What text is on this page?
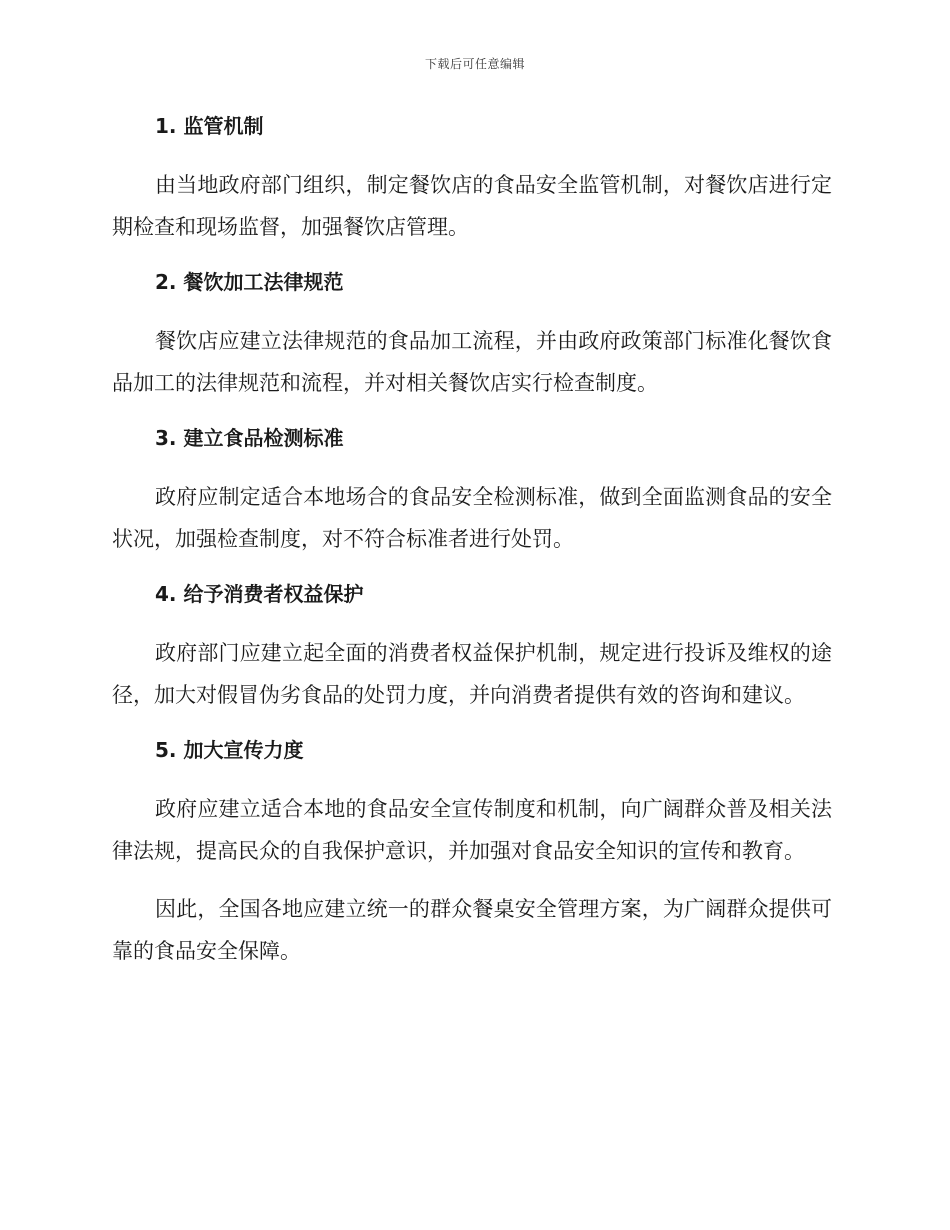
下载后可任意编辑
1. 监管机制

由当地政府部门组织，制定餐饮店的食品安全监管机制，对餐饮店进行定期检查和现场监督，加强餐饮店管理。

2. 餐饮加工法律规范

餐饮店应建立法律规范的食品加工流程，并由政府政策部门标准化餐饮食品加工的法律规范和流程，并对相关餐饮店实行检查制度。

3. 建立食品检测标准

政府应制定适合本地场合的食品安全检测标准，做到全面监测食品的安全状况，加强检查制度，对不符合标准者进行处罚。

4. 给予消费者权益保护

政府部门应建立起全面的消费者权益保护机制，规定进行投诉及维权的途径，加大对假冒伪劣食品的处罚力度，并向消费者提供有效的咨询和建议。

5. 加大宣传力度

政府应建立适合本地的食品安全宣传制度和机制，向广阔群众普及相关法律法规，提高民众的自我保护意识，并加强对食品安全知识的宣传和教育。

因此，全国各地应建立统一的群众餐桌安全管理方案，为广阔群众提供可靠的食品安全保障。
